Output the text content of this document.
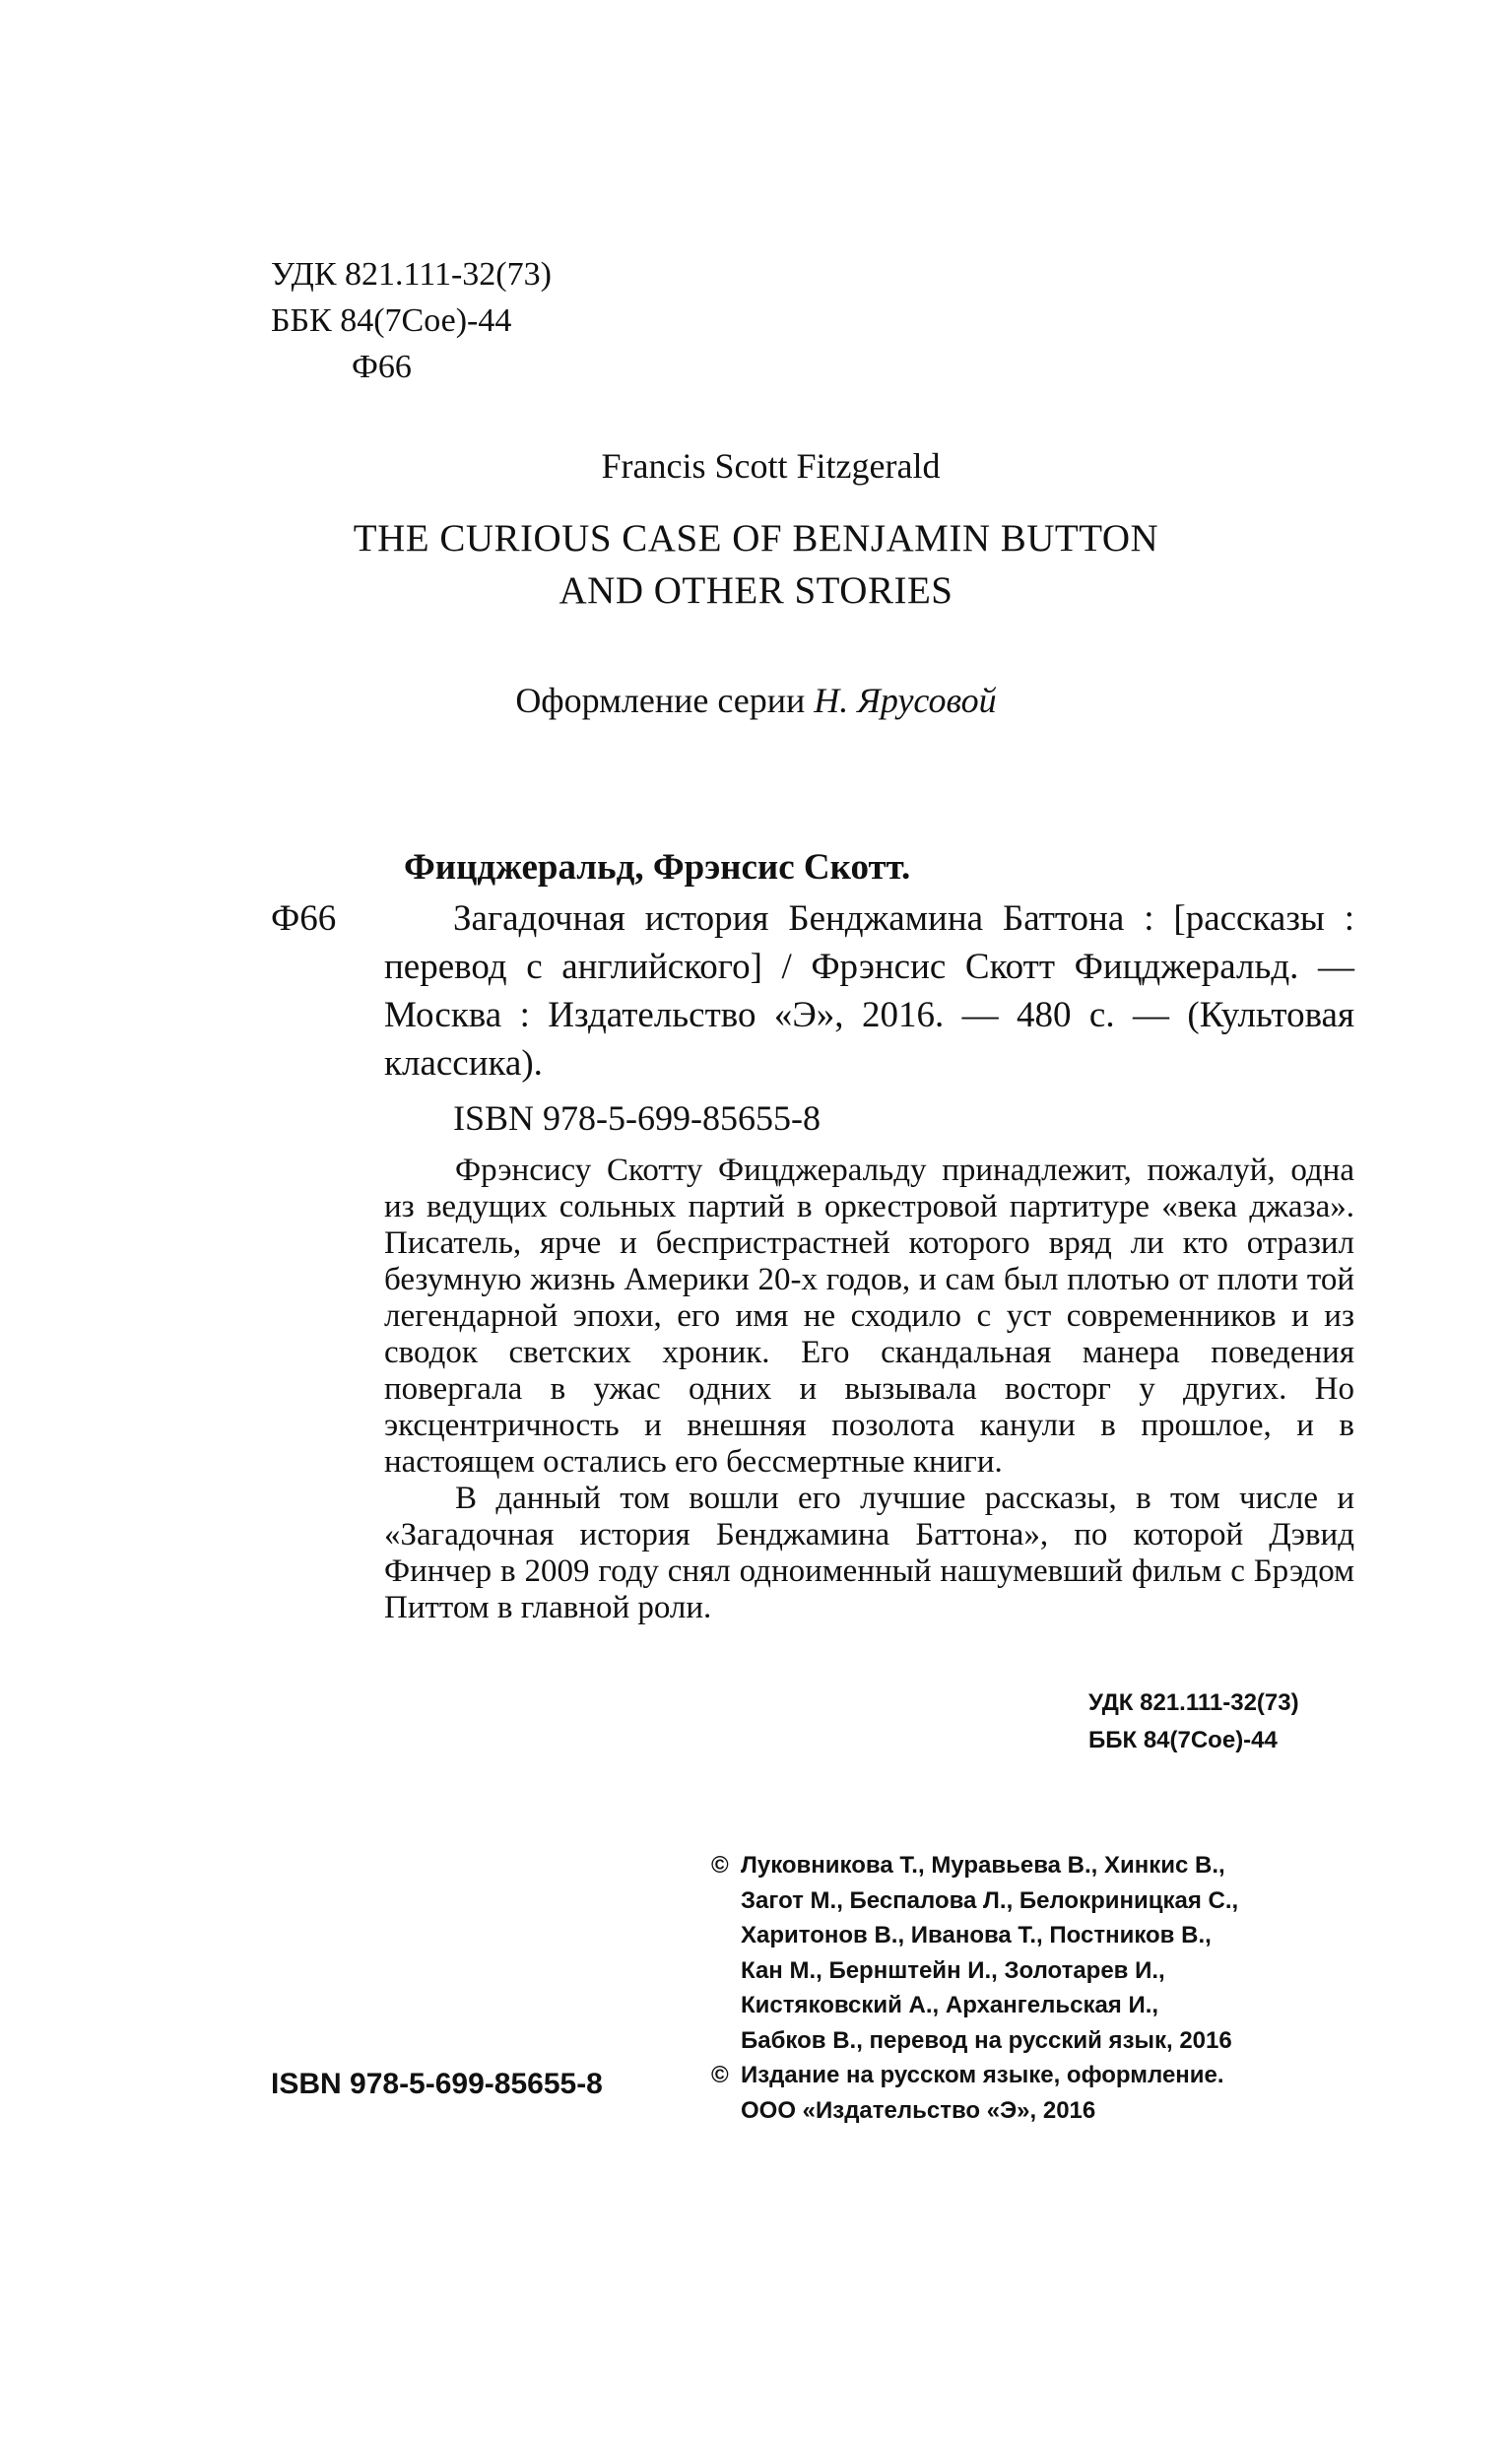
УДК 821.111-32(73)
ББК 84(7Сое)-44
Ф66
Francis Scott Fitzgerald
THE CURIOUS CASE OF BENJAMIN BUTTON
AND OTHER STORIES
Оформление серии Н. Ярусовой
Фицджеральд, Фрэнсис Скотт.
Ф66	Загадочная история Бенджамина Баттона : [рассказы : перевод с английского] / Фрэнсис Скотт Фицджеральд. — Москва : Издательство «Э», 2016. — 480 с. — (Культовая классика).
ISBN 978-5-699-85655-8

Фрэнсису Скотту Фицджеральду принадлежит, пожалуй, одна из ведущих сольных партий в оркестровой партитуре «века джаза». Писатель, ярче и беспристрастней которого вряд ли кто отразил безумную жизнь Америки 20-х годов, и сам был плотью от плоти той легендарной эпохи, его имя не сходило с уст современников и из сводок светских хроник. Его скандальная манера поведения повергала в ужас одних и вызывала восторг у других. Но эксцентричность и внешняя позолота канули в прошлое, и в настоящем остались его бессмертные книги.

В данный том вошли его лучшие рассказы, в том числе и «Загадочная история Бенджамина Баттона», по которой Дэвид Финчер в 2009 году снял одноименный нашумевший фильм с Брэдом Питтом в главной роли.

УДК 821.111-32(73)
ББК 84(7Сое)-44
© Луковникова Т., Муравьева В., Хинкис В.,
Загот М., Беспалова Л., Белокриницкая С.,
Харитонов В., Иванова Т., Постников В.,
Кан М., Бернштейн И., Золотарев И.,
Кистяковский А., Архангельская И.,
Бабков В., перевод на русский язык, 2016
© Издание на русском языке, оформление.
ООО «Издательство «Э», 2016
ISBN 978-5-699-85655-8
